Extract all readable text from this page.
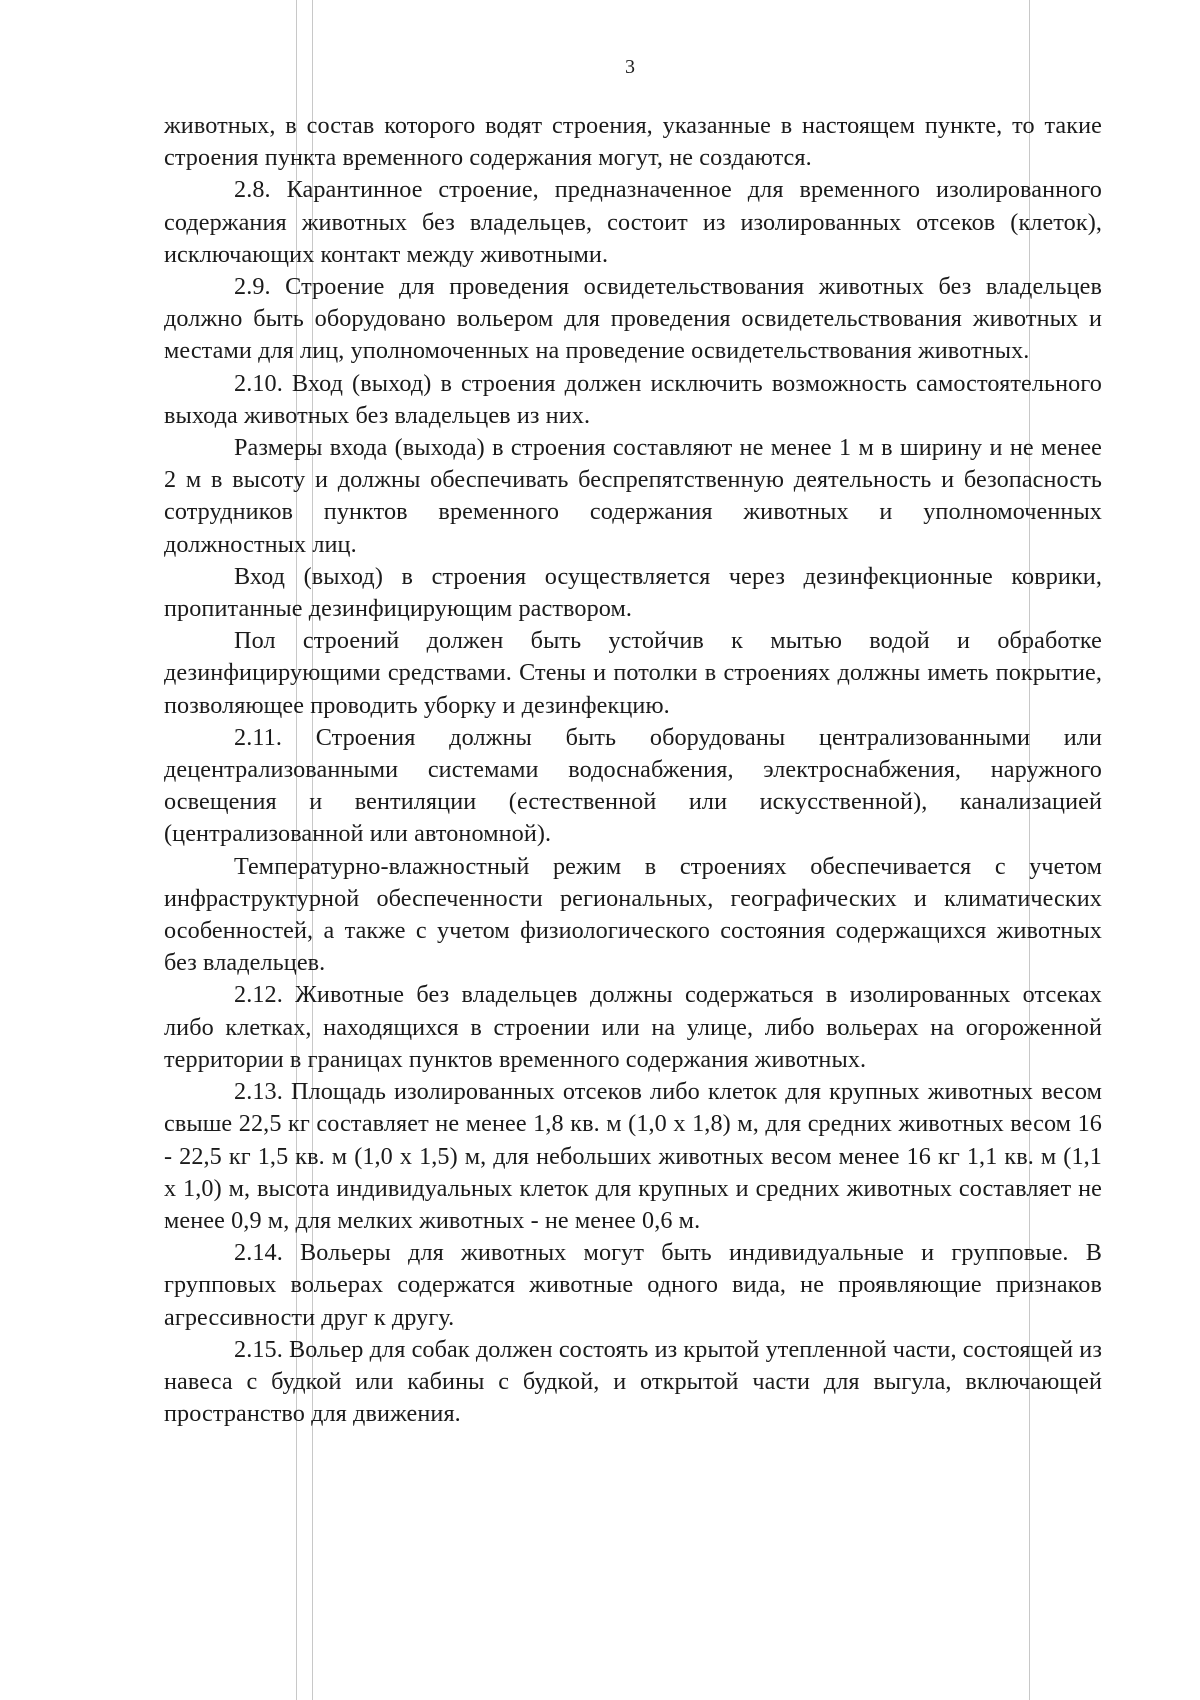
3

животных, в состав которого водят строения, указанные в настоящем пункте, то такие строения пункта временного содержания могут, не создаются.

2.8. Карантинное строение, предназначенное для временного изолированного содержания животных без владельцев, состоит из изолированных отсеков (клеток), исключающих контакт между животными.

2.9. Строение для проведения освидетельствования животных без владельцев должно быть оборудовано вольером для проведения освидетельствования животных и местами для лиц, уполномоченных на проведение освидетельствования животных.

2.10. Вход (выход) в строения должен исключить возможность самостоятельного выхода животных без владельцев из них.

Размеры входа (выхода) в строения составляют не менее 1 м в ширину и не менее 2 м в высоту и должны обеспечивать беспрепятственную деятельность и безопасность сотрудников пунктов временного содержания животных и уполномоченных должностных лиц.

Вход (выход) в строения осуществляется через дезинфекционные коврики, пропитанные дезинфицирующим раствором.

Пол строений должен быть устойчив к мытью водой и обработке дезинфицирующими средствами. Стены и потолки в строениях должны иметь покрытие, позволяющее проводить уборку и дезинфекцию.

2.11. Строения должны быть оборудованы централизованными или децентрализованными системами водоснабжения, электроснабжения, наружного освещения и вентиляции (естественной или искусственной), канализацией (централизованной или автономной).

Температурно-влажностный режим в строениях обеспечивается с учетом инфраструктурной обеспеченности региональных, географических и климатических особенностей, а также с учетом физиологического состояния содержащихся животных без владельцев.

2.12. Животные без владельцев должны содержаться в изолированных отсеках либо клетках, находящихся в строении или на улице, либо вольерах на огороженной территории в границах пунктов временного содержания животных.

2.13. Площадь изолированных отсеков либо клеток для крупных животных весом свыше 22,5 кг составляет не менее 1,8 кв. м (1,0 х 1,8) м, для средних животных весом 16 - 22,5 кг 1,5 кв. м (1,0 х 1,5) м, для небольших животных весом менее 16 кг 1,1 кв. м (1,1 х 1,0) м, высота индивидуальных клеток для крупных и средних животных составляет не менее 0,9 м, для мелких животных - не менее 0,6 м.

2.14. Вольеры для животных могут быть индивидуальные и групповые. В групповых вольерах содержатся животные одного вида, не проявляющие признаков агрессивности друг к другу.

2.15. Вольер для собак должен состоять из крытой утепленной части, состоящей из навеса с будкой или кабины с будкой, и открытой части для выгула, включающей пространство для движения.
